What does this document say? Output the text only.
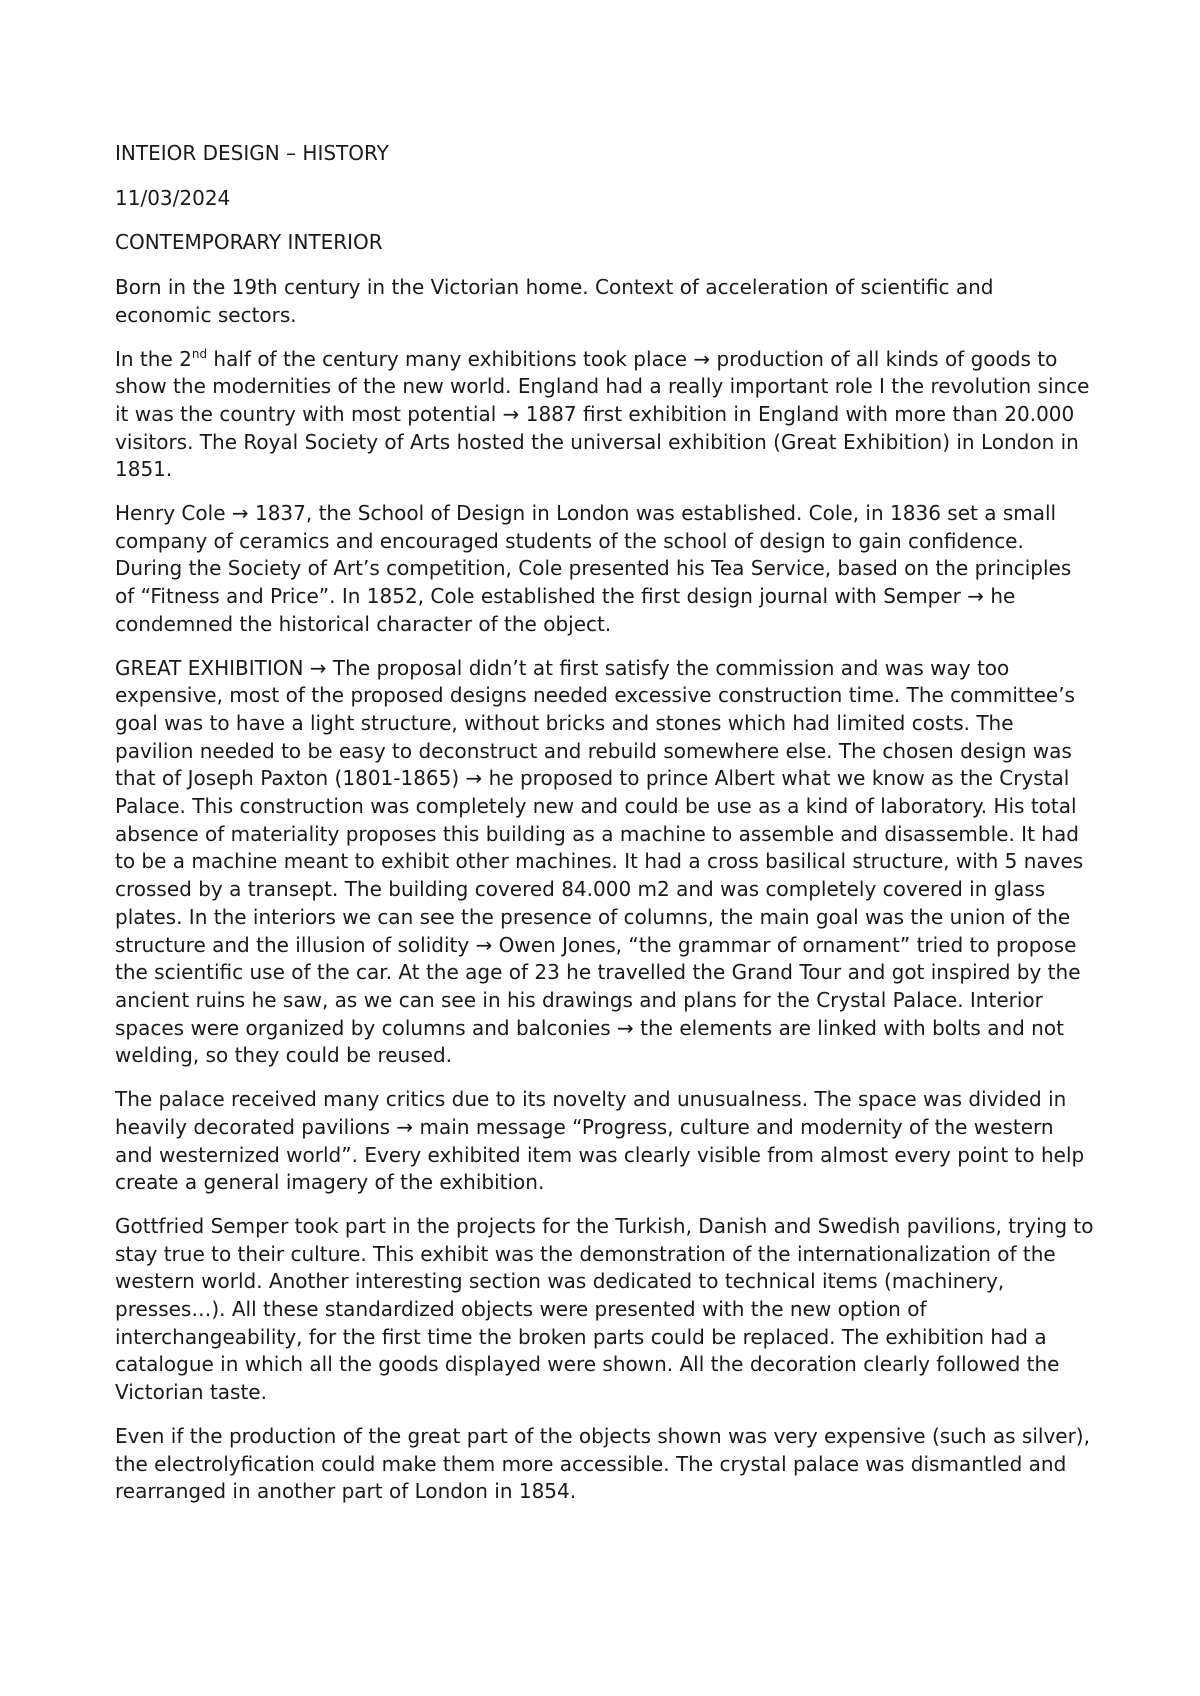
INTEIOR DESIGN – HISTORY

11/03/2024

CONTEMPORARY INTERIOR

Born in the 19th century in the Victorian home. Context of acceleration of scientific and economic sectors.

In the 2nd half of the century many exhibitions took place → production of all kinds of goods to show the modernities of the new world. England had a really important role I the revolution since it was the country with most potential → 1887 first exhibition in England with more than 20.000 visitors. The Royal Society of Arts hosted the universal exhibition (Great Exhibition) in London in 1851.

Henry Cole → 1837, the School of Design in London was established. Cole, in 1836 set a small company of ceramics and encouraged students of the school of design to gain confidence. During the Society of Art’s competition, Cole presented his Tea Service, based on the principles of “Fitness and Price”. In 1852, Cole established the first design journal with Semper → he condemned the historical character of the object.

GREAT EXHIBITION → The proposal didn’t at first satisfy the commission and was way too expensive, most of the proposed designs needed excessive construction time. The committee’s goal was to have a light structure, without bricks and stones which had limited costs. The pavilion needed to be easy to deconstruct and rebuild somewhere else. The chosen design was that of Joseph Paxton (1801-1865) → he proposed to prince Albert what we know as the Crystal Palace. This construction was completely new and could be use as a kind of laboratory. His total absence of materiality proposes this building as a machine to assemble and disassemble. It had to be a machine meant to exhibit other machines. It had a cross basilical structure, with 5 naves crossed by a transept. The building covered 84.000 m2 and was completely covered in glass plates. In the interiors we can see the presence of columns, the main goal was the union of the structure and the illusion of solidity → Owen Jones, “the grammar of ornament” tried to propose the scientific use of the car. At the age of 23 he travelled the Grand Tour and got inspired by the ancient ruins he saw, as we can see in his drawings and plans for the Crystal Palace. Interior spaces were organized by columns and balconies → the elements are linked with bolts and not welding, so they could be reused.

The palace received many critics due to its novelty and unusualness. The space was divided in heavily decorated pavilions → main message “Progress, culture and modernity of the western and westernized world”. Every exhibited item was clearly visible from almost every point to help create a general imagery of the exhibition.

Gottfried Semper took part in the projects for the Turkish, Danish and Swedish pavilions, trying to stay true to their culture. This exhibit was the demonstration of the internationalization of the western world. Another interesting section was dedicated to technical items (machinery, presses…). All these standardized objects were presented with the new option of interchangeability, for the first time the broken parts could be replaced. The exhibition had a catalogue in which all the goods displayed were shown. All the decoration clearly followed the Victorian taste.

Even if the production of the great part of the objects shown was very expensive (such as silver), the electrolyfication could make them more accessible. The crystal palace was dismantled and rearranged in another part of London in 1854.
